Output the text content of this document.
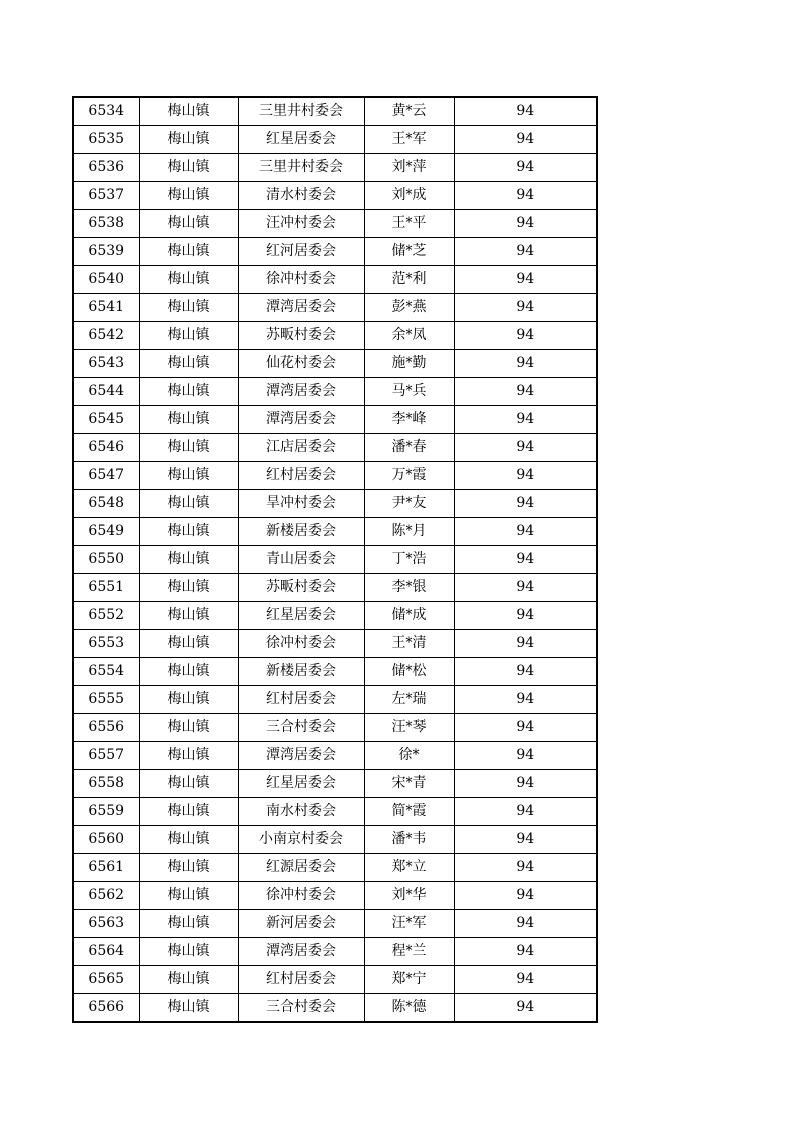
6534	梅山镇	三里井村委会	黄*云	94
6535	梅山镇	红星居委会	王*军	94
6536	梅山镇	三里井村委会	刘*萍	94
6537	梅山镇	清水村委会	刘*成	94
6538	梅山镇	汪冲村委会	王*平	94
6539	梅山镇	红河居委会	储*芝	94
6540	梅山镇	徐冲村委会	范*利	94
6541	梅山镇	潭湾居委会	彭*燕	94
6542	梅山镇	苏畈村委会	余*凤	94
6543	梅山镇	仙花村委会	施*勤	94
6544	梅山镇	潭湾居委会	马*兵	94
6545	梅山镇	潭湾居委会	李*峰	94
6546	梅山镇	江店居委会	潘*春	94
6547	梅山镇	红村居委会	万*霞	94
6548	梅山镇	旱冲村委会	尹*友	94
6549	梅山镇	新楼居委会	陈*月	94
6550	梅山镇	青山居委会	丁*浩	94
6551	梅山镇	苏畈村委会	李*银	94
6552	梅山镇	红星居委会	储*成	94
6553	梅山镇	徐冲村委会	王*清	94
6554	梅山镇	新楼居委会	储*松	94
6555	梅山镇	红村居委会	左*瑞	94
6556	梅山镇	三合村委会	汪*琴	94
6557	梅山镇	潭湾居委会	徐*	94
6558	梅山镇	红星居委会	宋*青	94
6559	梅山镇	南水村委会	简*霞	94
6560	梅山镇	小南京村委会	潘*韦	94
6561	梅山镇	红源居委会	郑*立	94
6562	梅山镇	徐冲村委会	刘*华	94
6563	梅山镇	新河居委会	汪*军	94
6564	梅山镇	潭湾居委会	程*兰	94
6565	梅山镇	红村居委会	郑*宁	94
6566	梅山镇	三合村委会	陈*德	94
